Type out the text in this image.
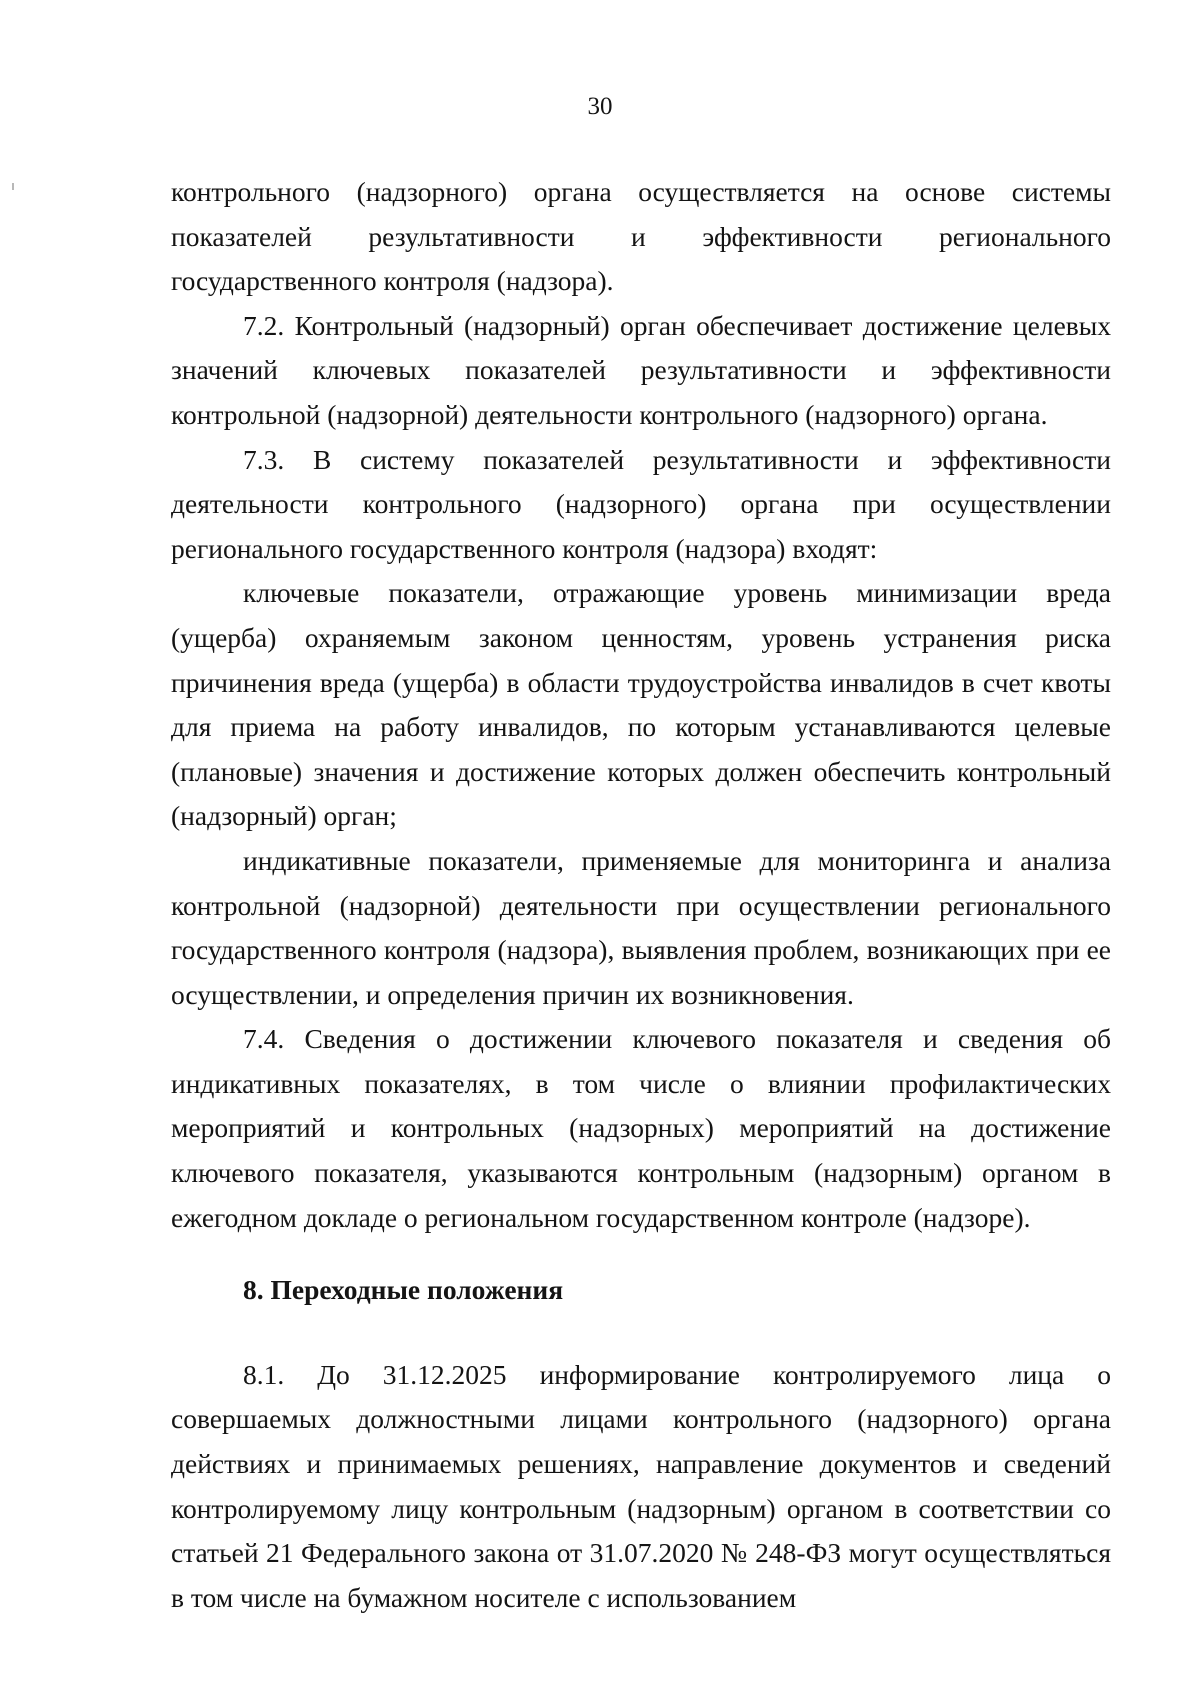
30

контрольного (надзорного) органа осуществляется на основе системы показателей результативности и эффективности регионального государственного контроля (надзора).

7.2. Контрольный (надзорный) орган обеспечивает достижение целевых значений ключевых показателей результативности и эффективности контрольной (надзорной) деятельности контрольного (надзорного) органа.

7.3. В систему показателей результативности и эффективности деятельности контрольного (надзорного) органа при осуществлении регионального государственного контроля (надзора) входят:

ключевые показатели, отражающие уровень минимизации вреда (ущерба) охраняемым законом ценностям, уровень устранения риска причинения вреда (ущерба) в области трудоустройства инвалидов в счет квоты для приема на работу инвалидов, по которым устанавливаются целевые (плановые) значения и достижение которых должен обеспечить контрольный (надзорный) орган;

индикативные показатели, применяемые для мониторинга и анализа контрольной (надзорной) деятельности при осуществлении регионального государственного контроля (надзора), выявления проблем, возникающих при ее осуществлении, и определения причин их возникновения.

7.4. Сведения о достижении ключевого показателя и сведения об индикативных показателях, в том числе о влиянии профилактических мероприятий и контрольных (надзорных) мероприятий на достижение ключевого показателя, указываются контрольным (надзорным) органом в ежегодном докладе о региональном государственном контроле (надзоре).

8. Переходные положения

8.1. До 31.12.2025 информирование контролируемого лица о совершаемых должностными лицами контрольного (надзорного) органа действиях и принимаемых решениях, направление документов и сведений контролируемому лицу контрольным (надзорным) органом в соответствии со статьей 21 Федерального закона от 31.07.2020 № 248-ФЗ могут осуществляться в том числе на бумажном носителе с использованием
